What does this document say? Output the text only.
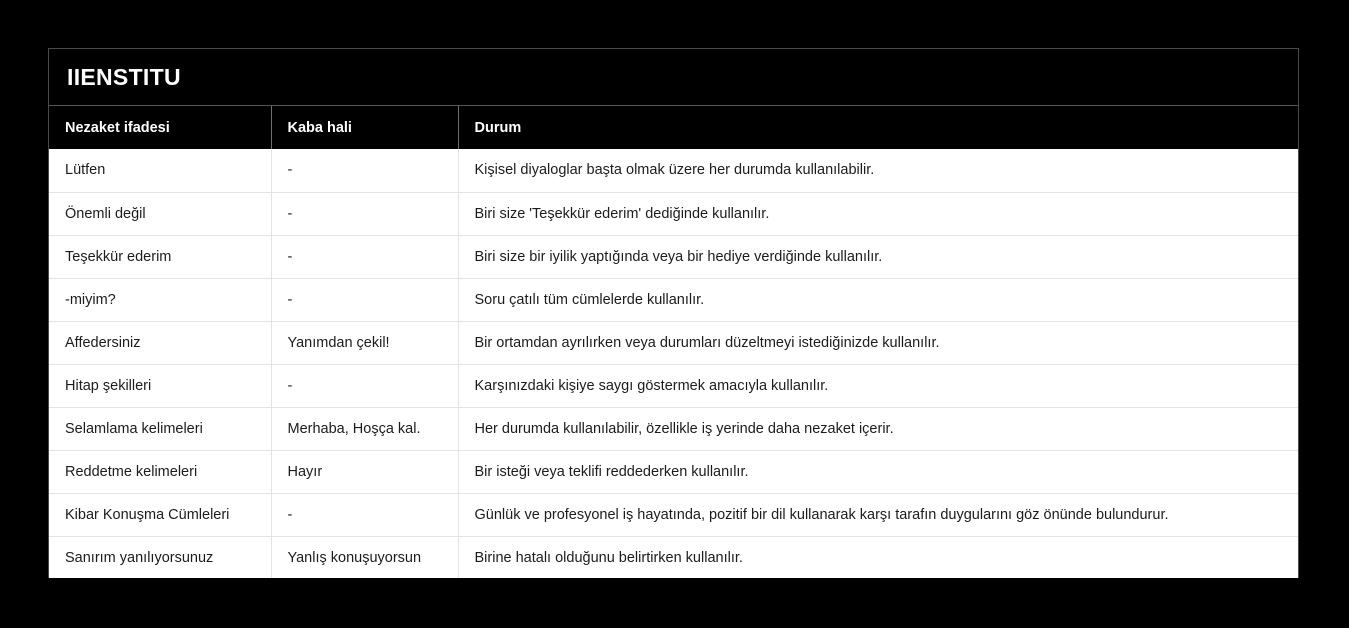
IIENSTITU
Nezaket ifadesi	Kaba hali	Durum
Lütfen	-	Kişisel diyaloglar başta olmak üzere her durumda kullanılabilir.
Önemli değil	-	Biri size 'Teşekkür ederim' dediğinde kullanılır.
Teşekkür ederim	-	Biri size bir iyilik yaptığında veya bir hediye verdiğinde kullanılır.
-miyim?	-	Soru çatılı tüm cümlelerde kullanılır.
Affedersiniz	Yanımdan çekil!	Bir ortamdan ayrılırken veya durumları düzeltmeyi istediğinizde kullanılır.
Hitap şekilleri	-	Karşınızdaki kişiye saygı göstermek amacıyla kullanılır.
Selamlama kelimeleri	Merhaba, Hoşça kal.	Her durumda kullanılabilir, özellikle iş yerinde daha nezaket içerir.
Reddetme kelimeleri	Hayır	Bir isteği veya teklifi reddederken kullanılır.
Kibar Konuşma Cümleleri	-	Günlük ve profesyonel iş hayatında, pozitif bir dil kullanarak karşı tarafın duygularını göz önünde bulundurur.
Sanırım yanılıyorsunuz	Yanlış konuşuyorsun	Birine hatalı olduğunu belirtirken kullanılır.
